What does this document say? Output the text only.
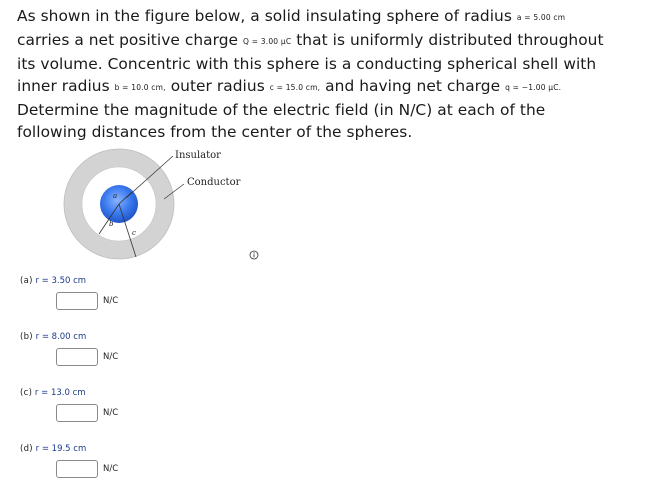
As shown in the figure below, a solid insulating sphere of radius a = 5.00 cm
carries a net positive charge Q = 3.00 μC that is uniformly distributed throughout
its volume. Concentric with this sphere is a conducting spherical shell with
inner radius b = 10.0 cm, outer radius c = 15.0 cm, and having net charge q = −1.00 μC.
Determine the magnitude of the electric field (in N/C) at each of the
following distances from the center of the spheres.
Insulator
Conductor
a
b
c
(a) r = 3.50 cm
N/C
(b) r = 8.00 cm
N/C
(c) r = 13.0 cm
N/C
(d) r = 19.5 cm
N/C
